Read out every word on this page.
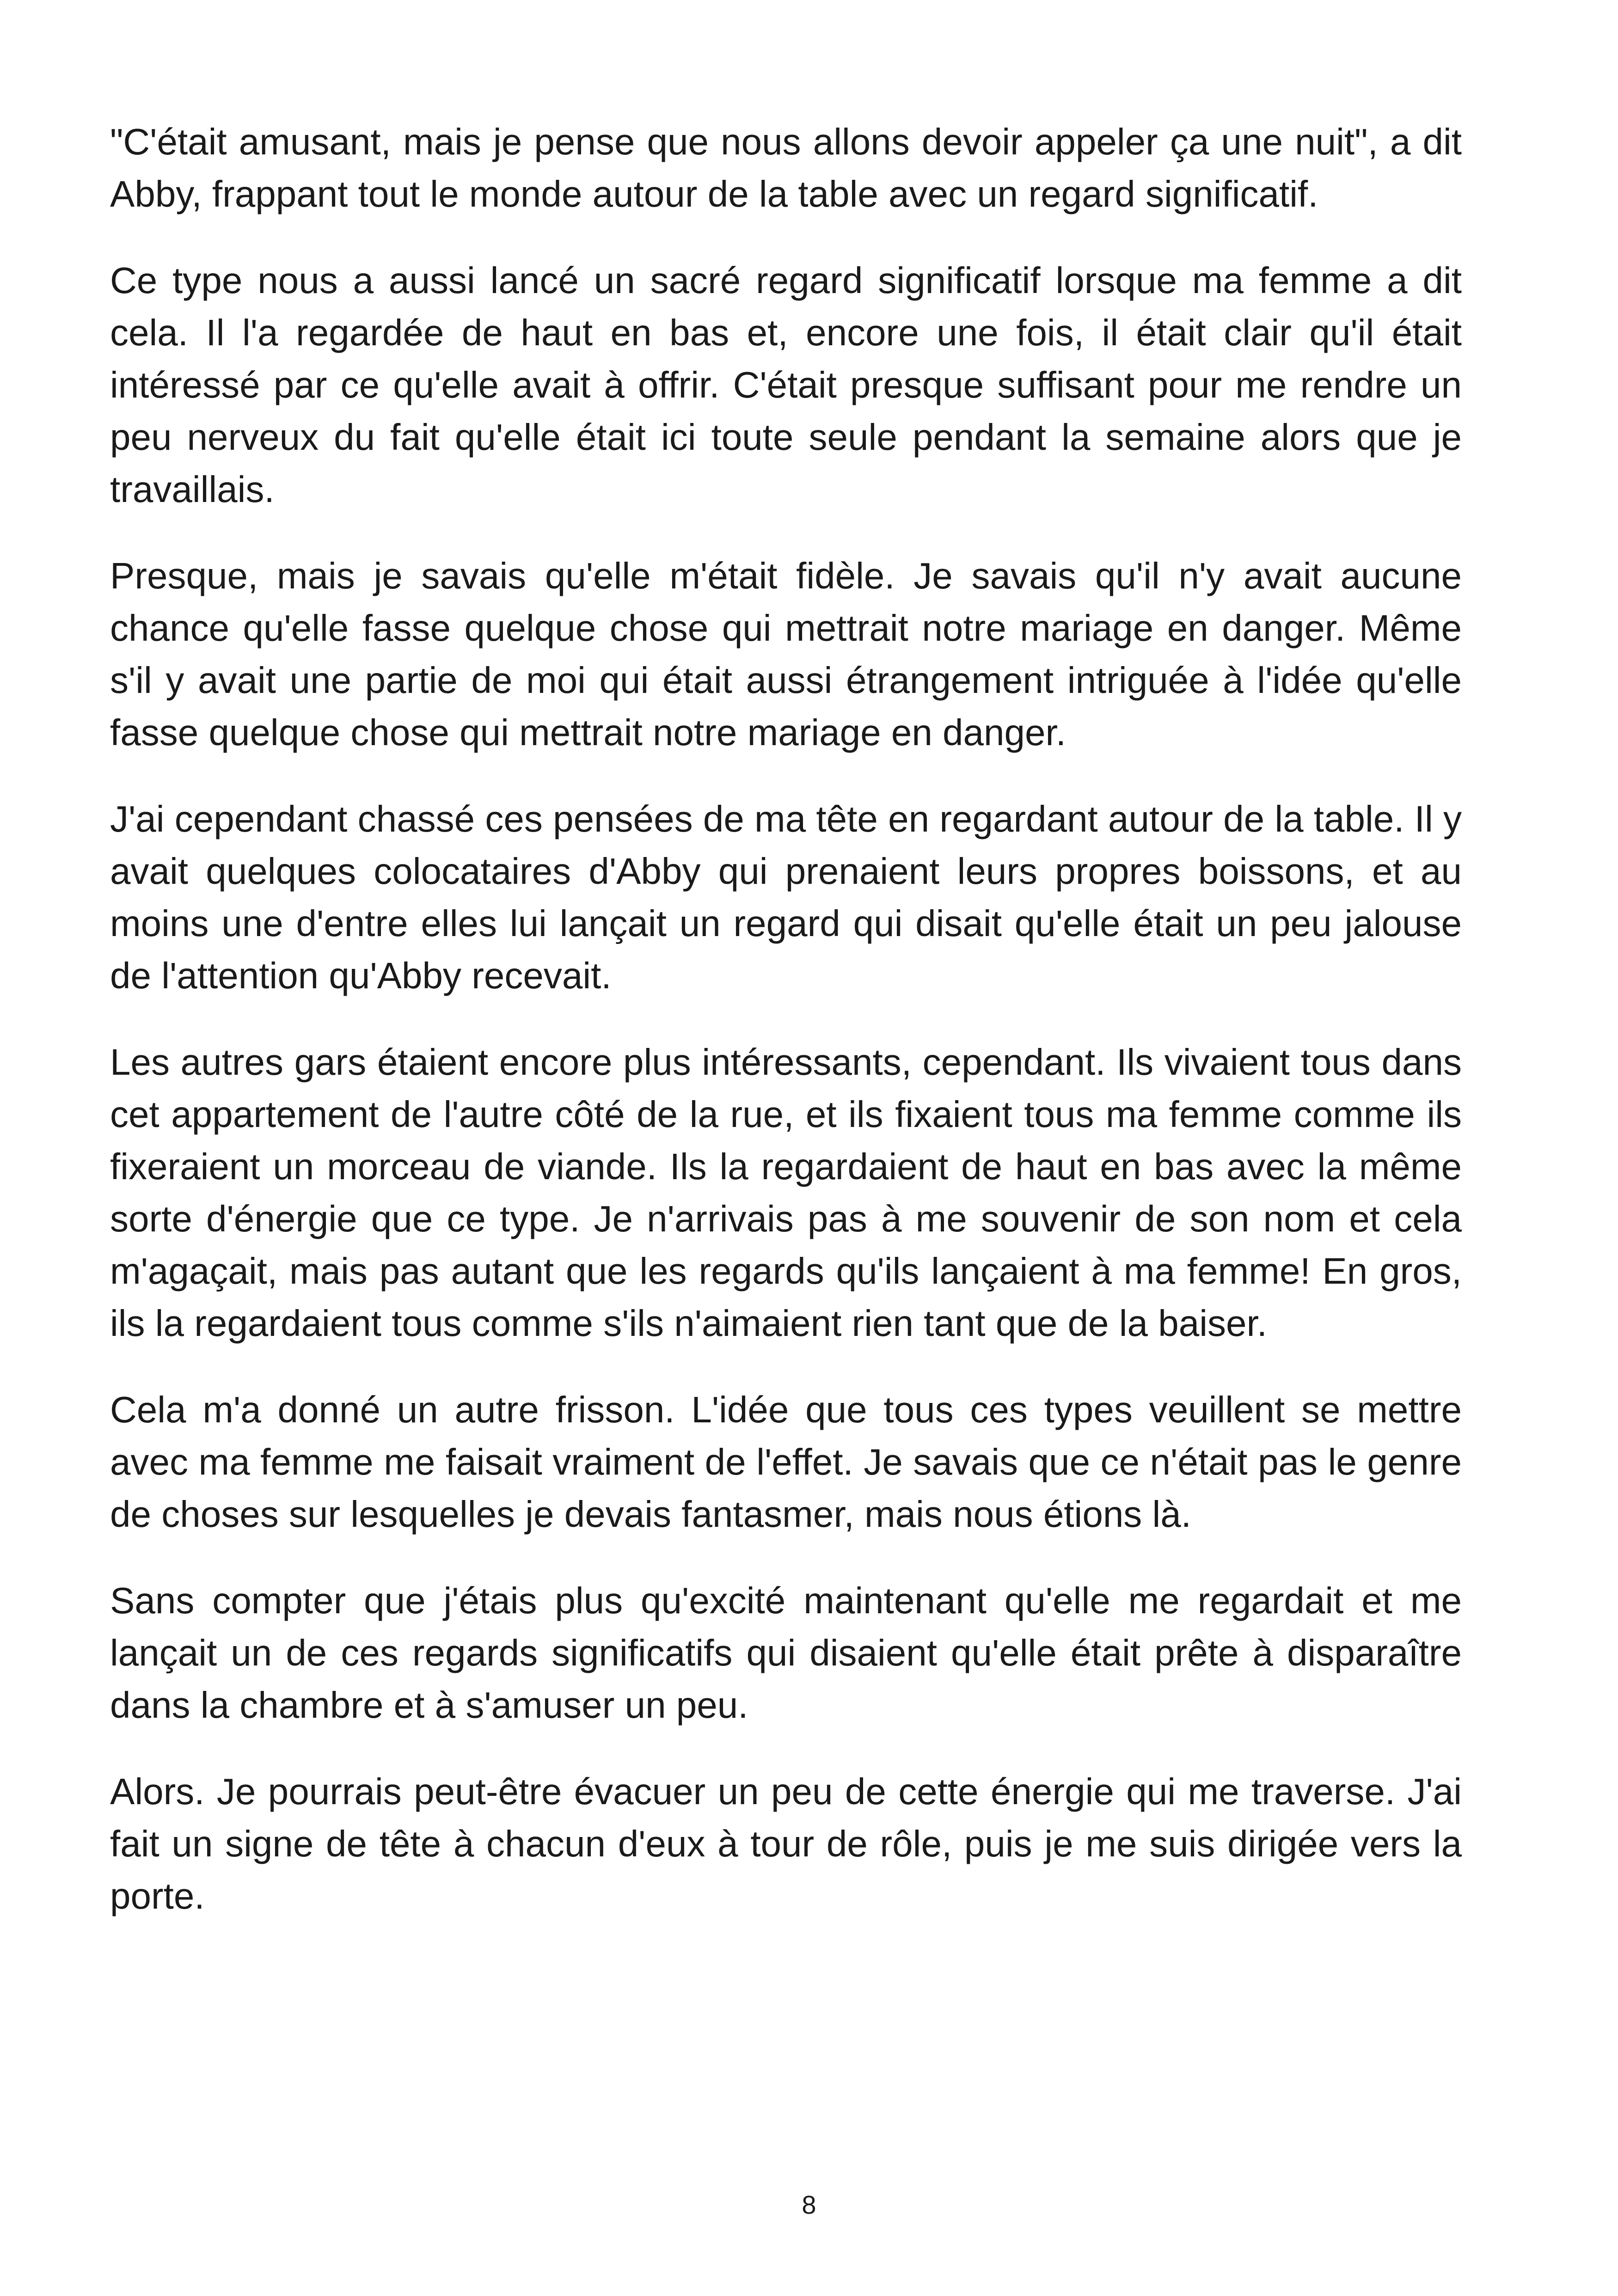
"C'était amusant, mais je pense que nous allons devoir appeler ça une nuit", a dit Abby, frappant tout le monde autour de la table avec un regard significatif.

Ce type nous a aussi lancé un sacré regard significatif lorsque ma femme a dit cela. Il l'a regardée de haut en bas et, encore une fois, il était clair qu'il était intéressé par ce qu'elle avait à offrir. C'était presque suffisant pour me rendre un peu nerveux du fait qu'elle était ici toute seule pendant la semaine alors que je travaillais.

Presque, mais je savais qu'elle m'était fidèle. Je savais qu'il n'y avait aucune chance qu'elle fasse quelque chose qui mettrait notre mariage en danger. Même s'il y avait une partie de moi qui était aussi étrangement intriguée à l'idée qu'elle fasse quelque chose qui mettrait notre mariage en danger.

J'ai cependant chassé ces pensées de ma tête en regardant autour de la table. Il y avait quelques colocataires d'Abby qui prenaient leurs propres boissons, et au moins une d'entre elles lui lançait un regard qui disait qu'elle était un peu jalouse de l'attention qu'Abby recevait.

Les autres gars étaient encore plus intéressants, cependant. Ils vivaient tous dans cet appartement de l'autre côté de la rue, et ils fixaient tous ma femme comme ils fixeraient un morceau de viande. Ils la regardaient de haut en bas avec la même sorte d'énergie que ce type. Je n'arrivais pas à me souvenir de son nom et cela m'agaçait, mais pas autant que les regards qu'ils lançaient à ma femme! En gros, ils la regardaient tous comme s'ils n'aimaient rien tant que de la baiser.

Cela m'a donné un autre frisson. L'idée que tous ces types veuillent se mettre avec ma femme me faisait vraiment de l'effet. Je savais que ce n'était pas le genre de choses sur lesquelles je devais fantasmer, mais nous étions là.

Sans compter que j'étais plus qu'excité maintenant qu'elle me regardait et me lançait un de ces regards significatifs qui disaient qu'elle était prête à disparaître dans la chambre et à s'amuser un peu.

Alors. Je pourrais peut-être évacuer un peu de cette énergie qui me traverse. J'ai fait un signe de tête à chacun d'eux à tour de rôle, puis je me suis dirigée vers la porte.

8
